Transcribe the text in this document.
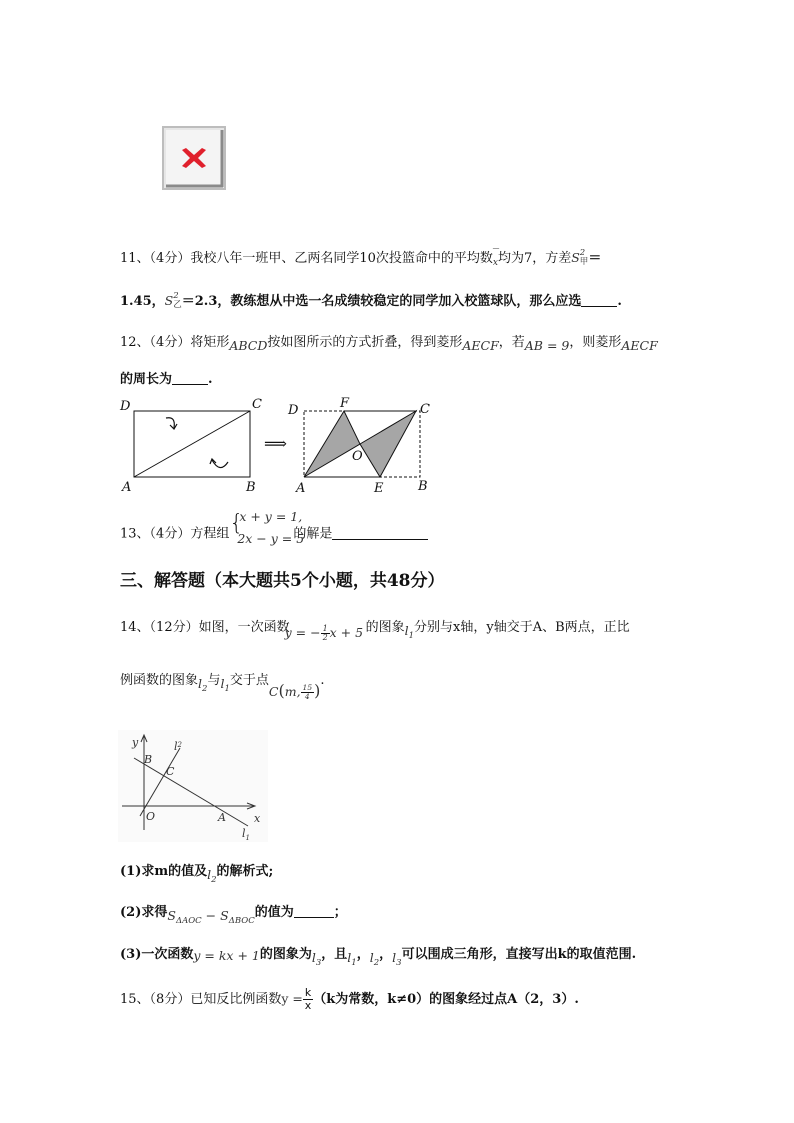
11、（4分）我校八年一班甲、乙两名同学10次投篮命中的平均数 ‾
$_x$均为7，方差S 2
甲 ＝
1.45，S 2
乙 ＝2.3，教练想从中选一名成绩较稳定的同学加入校篮球队，那么应选	.
12、（4分）将矩形ABCD按如图所示的方式折叠，得到菱形AECF，若AB = 9，则菱形AECF
的周长为	.
D	C
A	B
⟹
D	F	C
O
A	E	B
13、（4分）方程组 {
x + y = 1,
2x − y = 5
的解是
三、解答题（本大题共5个小题，共48分）
14、（12分）如图，一次函数
y = − $\frac{1}{2}$ x + 5 的图象$l_1$分别与x轴，y轴交于A、B两点，正比
例函数的图象$l_2$与$l_1$交于点C(m, $\frac{15}{4}$ ).
y	$l^2$
B
C
O	A	x
$l_1$
(1)求m的值及$l_2$的解析式;
(2)求得$S_{\Delta AOC} - S_{\Delta BOC}$的值为	；
(3)一次函数y = kx + 1的图象为$l_3$，且$l_1$，$l_2$，$l_3$可以围成三角形，直接写出k的取值范围.
15、（8分）已知反比例函数$y = \frac{k}{x} (k$为常数，k≠0）的图象经过点A（2，3）.
